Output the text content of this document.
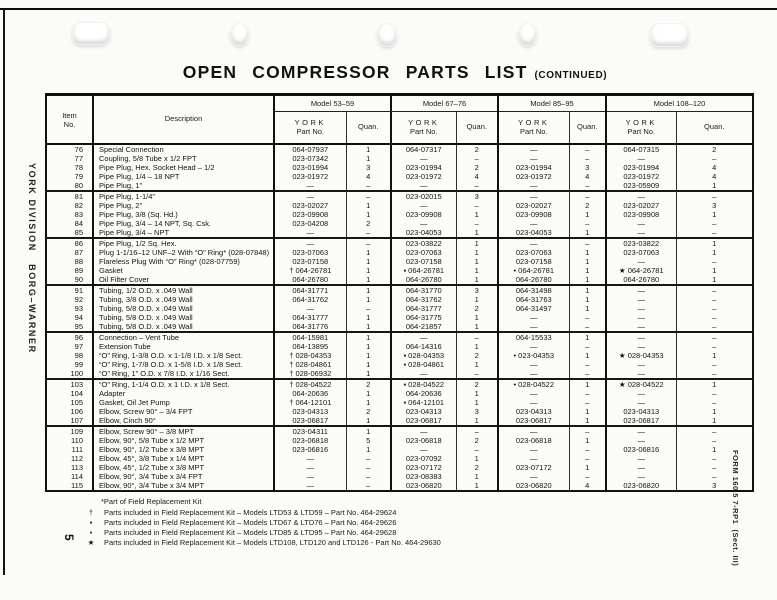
YORK DIVISION   BORG–WARNER
FORM 160.5 7-RP1  (Sect. III)
5
OPEN COMPRESSOR PARTS LIST (CONTINUED)
Item
No.	Description	Model 53–59		Model 67–76		Model 85–95		Model 108–120	

YORK
Part No.	Quan.	YORK
Part No.	Quan.	YORK
Part No.	Quan.	YORK
Part No.	Quan.
76	Special Connection	064-07937	1	064-07317	2	—	–	064-07315	2
77	Coupling, 5/8 Tube x 1/2 FPT	023-07342	1	—	–	—	–	—	–
78	Pipe Plug, Hex. Socket Head – 1/2	023-01994	3	023-01994	2	023-01994	3	023-01994	4
79	Pipe Plug, 1/4 – 18 NPT	023-01972	4	023-01972	4	023-01972	4	023-01972	4
80	Pipe Plug, 1”	—	–	—	–	—	–	023-05909	1
81	Pipe Plug, 1-1/4”	—	–	023-02015	3	—	–	—	–
82	Pipe Plug, 2”	023-02027	1	—	–	023-02027	2	023-02027	3
83	Pipe Plug, 3/8 (Sq. Hd.)	023-09908	1	023-09908	1	023-09908	1	023-09908	1
84	Pipe Plug, 3/4 – 14 NPT, Sq. Csk.	023-04208	2	—	–	—	–	—	–
85	Pipe Plug, 3/4 – NPT	—	–	023-04053	1	023-04053	1	—	–
86	Pipe Plug, 1/2 Sq. Hex.	—	–	023-03822	1	—	–	023-03822	1
87	Plug 1-1/16–12 UNF–2 With “O” Ring* (028-07848)	023-07063	1	023-07063	1	023-07063	1	023-07063	1
88	Flareless Plug With “O” Ring* (028-07759)	023-07158	1	023-07158	1	023-07158	1	—	–
89	Gasket	† 064-26781	1	▪ 064-26781	1	• 064-26781	1	★ 064-26781	1
90	Oil Filter Cover	064-26780	1	064-26780	1	064-26780	1	064-26780	1
91	Tubing, 1/2 O.D. x .049 Wall	064-31771	1	064-31770	3	064-31498	1	—	–
92	Tubing, 3/8 O.D. x .049 Wall	064-31762	1	064-31762	1	064-31763	1	—	–
93	Tubing, 5/8 O.D. x .049 Wall	—	–	064-31777	2	064-31497	1	—	–
94	Tubing, 5/8 O.D. x .049 Wall	064-31777	1	064-31775	1	—	–	—	–
95	Tubing, 5/8 O.D. x .049 Wall	064-31776	1	064-21857	1	—	–	—	–
96	Connection – Vent Tube	064-15981	1	—	–	064-15533	1	—	–
97	Extension Tube	064-13895	1	064-14316	1	—	–	—	–
98	“O” Ring, 1-3/8 O.D. x 1-1/8 I.D. x 1/8 Sect.	† 028-04353	1	▪ 028-04353	2	• 023-04353	1	★ 028-04353	1
99	“O” Ring, 1-7/8 O.D. x 1-5/8 I.D. x 1/8 Sect.	† 028-04861	1	▪ 028-04861	1	—	–	—	–
100	“O” Ring, 1” O.D. x 7/8 I.D. x 1/16 Sect.	† 028-06932	1	—	–	—	–	—	–
103	“O” Ring, 1-1/4 O.D. x 1 I.D. x 1/8 Sect.	† 028-04522	2	▪ 028-04522	2	• 028-04522	1	★ 028-04522	1
104	Adapter	064-20636	1	064-20636	1	—	–	—	–
105	Gasket, Oil Jet Pump	† 064-12101	1	▪ 064-12101	1	—	–	—	–
106	Elbow, Screw 90° – 3/4 FPT	023-04313	2	023-04313	3	023-04313	1	023-04313	1
107	Elbow, Cinch 90°	023-06817	1	023-06817	1	023-06817	1	023-06817	1
109	Elbow, Screw 90° – 3/8 MPT	023-04311	1	—	–	—	–	—	–
110	Elbow, 90°, 5/8 Tube x 1/2 MPT	023-06818	5	023-06818	2	023-06818	1	—	–
111	Elbow, 90°, 1/2 Tube x 3/8 MPT	023-06816	1	—	–	—	–	023-06816	1
112	Elbow, 45°, 3/8 Tube x 1/4 MPT	—	–	023-07092	1	—	–	—	–
113	Elbow, 45°, 1/2 Tube x 3/8 MPT	—	–	023-07172	2	023-07172	1	—	–
114	Elbow, 90°, 3/4 Tube x 3/4 FPT	—	–	023-08383	1	—	–	—	–
115	Elbow, 90°, 3/4 Tube x 3/4 MPT	—	–	023-06820	1	023-06820	4	023-06820	3
*Part of Field Replacement Kit
†	Parts included in Field Replacement Kit – Models LTD53 & LTD59 – Part No. 464-29624
▪	Parts included in Field Replacement Kit – Models LTD67 & LTD76 – Part No. 464-29626
•	Parts included in Field Replacement Kit – Models LTD85 & LTD95 – Part No. 464-29628
★	Parts included in Field Replacement Kit – Models LTD108, LTD120 and LTD126 - Part No. 464-29630
